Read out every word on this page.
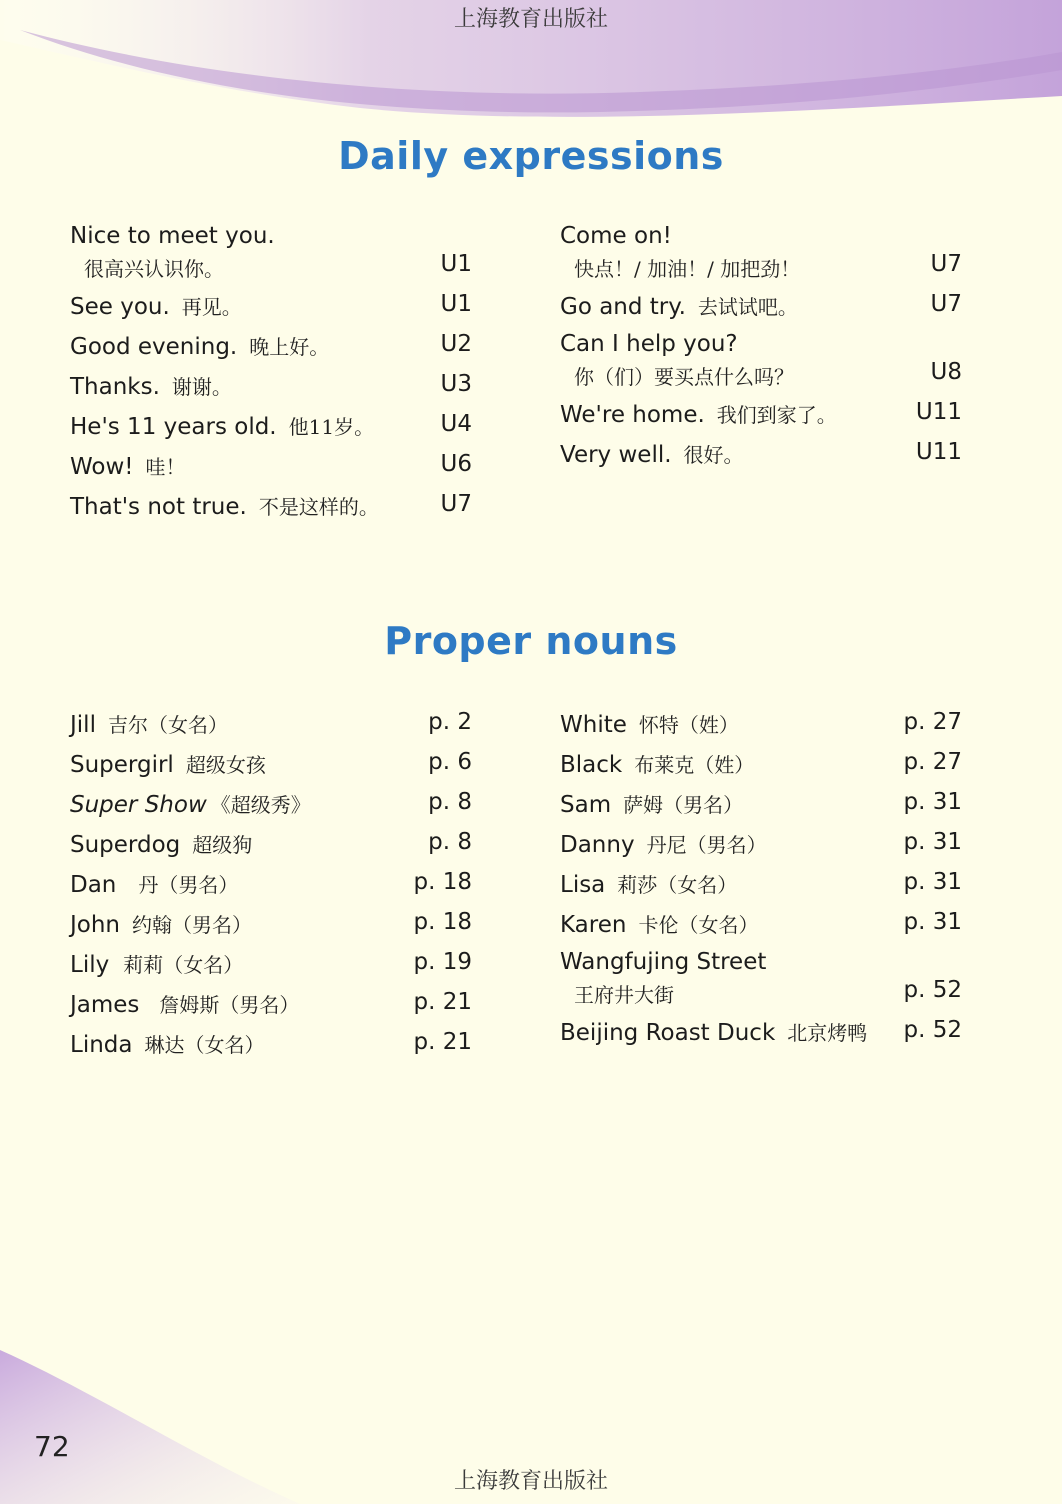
上海教育出版社
Daily expressions
Nice to meet you.
很高兴认识你。	U1
See you. 再见。	U1
Good evening. 晚上好。	U2
Thanks. 谢谢。	U3
He's 11 years old. 他11岁。	U4
Wow! 哇！	U6
That's not true. 不是这样的。	U7
Come on!
快点！/ 加油！/ 加把劲！	U7
Go and try. 去试试吧。	U7
Can I help you?
你（们）要买点什么吗？	U8
We're home. 我们到家了。	U11
Very well. 很好。	U11
Proper nouns
Jill 吉尔（女名）	p. 2
Supergirl 超级女孩	p. 6
Super Show 《超级秀》	p. 8
Superdog 超级狗	p. 8
Dan 丹（男名）	p. 18
John 约翰（男名）	p. 18
Lily 莉莉（女名）	p. 19
James 詹姆斯（男名）	p. 21
Linda 琳达（女名）	p. 21
White 怀特（姓）	p. 27
Black 布莱克（姓）	p. 27
Sam 萨姆（男名）	p. 31
Danny 丹尼（男名）	p. 31
Lisa 莉莎（女名）	p. 31
Karen 卡伦（女名）	p. 31
Wangfujing Street
王府井大街	p. 52
Beijing Roast Duck 北京烤鸭 p. 52
72
上海教育出版社
